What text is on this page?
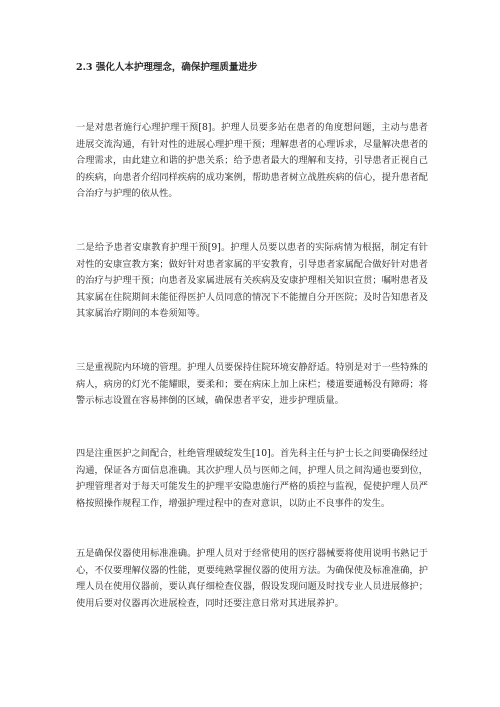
2.3 强化人本护理理念，确保护理质量进步

一是对患者施行心理护理干预[8]。护理人员要多站在患者的角度想问题，主动与患者进展交流沟通，有针对性的进展心理护理干预；理解患者的心理诉求，尽量解决患者的合理需求，由此建立和谐的护患关系；给予患者最大的理解和支持，引导患者正视自己的疾病，向患者介绍同样疾病的成功案例，帮助患者树立战胜疾病的信心，提升患者配合治疗与护理的依从性。

二是给予患者安康教育护理干预[9]。护理人员要以患者的实际病情为根据，制定有针对性的安康宣教方案；做好针对患者家属的平安教育，引导患者家属配合做好针对患者的治疗与护理干预；向患者及家属进展有关疾病及安康护理相关知识宣贯；嘱咐患者及其家属在住院期间未能征得医护人员同意的情况下不能擅自分开医院；及时告知患者及其家属治疗期间的本卷须知等。

三是重视院内环境的管理。护理人员要保持住院环境安静舒适。特别是对于一些特殊的病人，病房的灯光不能耀眼，要柔和；要在病床上加上床栏；楼道要通畅没有障碍；将警示标志设置在容易摔倒的区域，确保患者平安，进步护理质量。

四是注重医护之间配合，杜绝管理破绽发生[10]。首先科主任与护士长之间要确保经过沟通，保证各方面信息准确。其次护理人员与医师之间，护理人员之间沟通也要到位，护理管理者对于每天可能发生的护理平安隐患施行严格的质控与监视，促使护理人员严格按照操作规程工作，增强护理过程中的查对意识，以防止不良事件的发生。

五是确保仪器使用标准准确。护理人员对于经常使用的医疗器械要将使用说明书熟记于心，不仅要理解仪器的性能，更要纯熟掌握仪器的使用方法。为确保使及标准准确，护理人员在使用仪器前，要认真仔细检查仪器，假设发现问题及时找专业人员进展修护；使用后要对仪器再次进展检查，同时还要注意日常对其进展养护。
